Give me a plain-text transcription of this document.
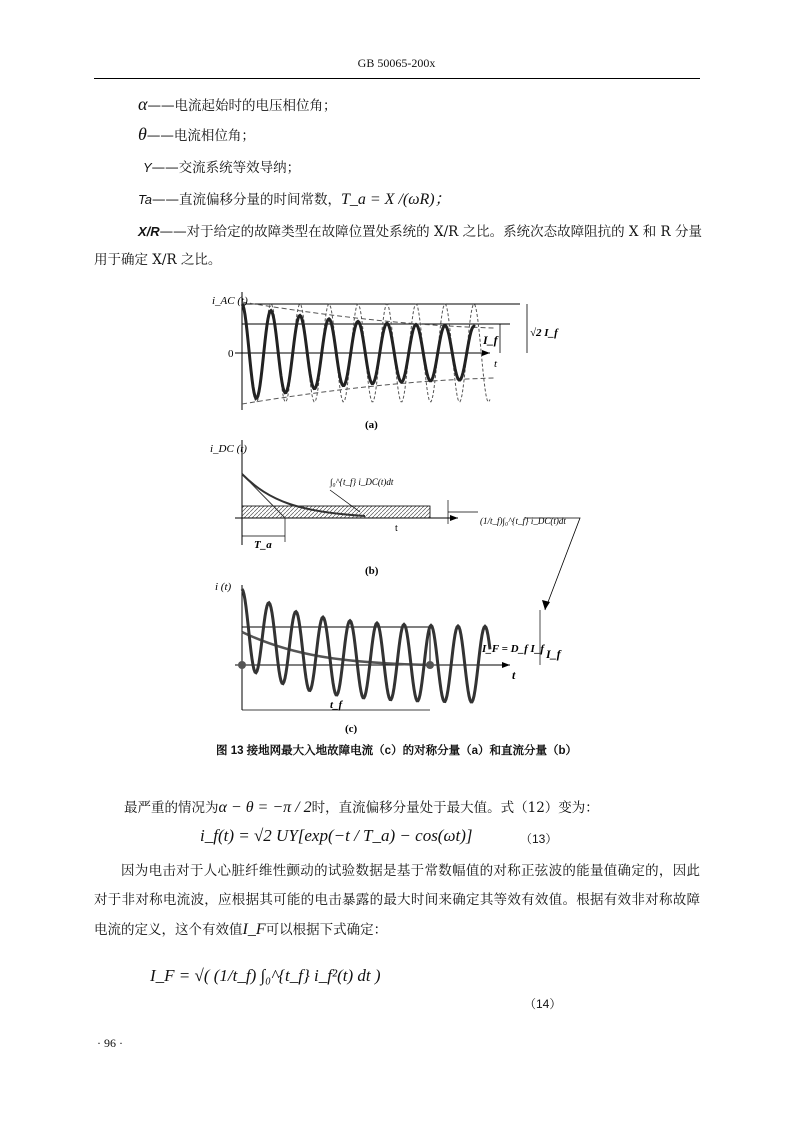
GB 50065-200x
α——电流起始时的电压相位角；
θ——电流相位角；
Y——交流系统等效导纳；
Ta——直流偏移分量的时间常数，T_a = X /(ωR)；
X/R——对于给定的故障类型在故障位置处系统的 X/R 之比。系统次态故障阻抗的 X 和 R 分量
用于确定 X/R 之比。
i_AC (t)
0
t
I_f	√2 I_f
(a)
i_DC (t)
∫₀^{t_f} i_DC(t)dt
(1/t_f)∫₀^{t_f} i_DC(t)dt
t
T_a
(b)
i (t)
I_F = D_f I_f I_f
t
t_f
(c)
图 13 接地网最大入地故障电流（c）的对称分量（a）和直流分量（b）
最严重的情况为α − θ = −π / 2时，直流偏移分量处于最大值。式（12）变为：
i_f(t) = √2 UY[exp(−t / T_a) − cos(ωt)]	（13）
因为电击对于人心脏纤维性颤动的试验数据是基于常数幅值的对称正弦波的能量值确定的，因此对于非对称电流波，应根据其可能的电击暴露的最大时间来确定其等效有效值。根据有效非对称故障电流的定义，这个有效值I_F可以根据下式确定：
I_F = √( (1/t_f) ∫₀^{t_f} i_f²(t) dt )
（14）
· 96 ·
